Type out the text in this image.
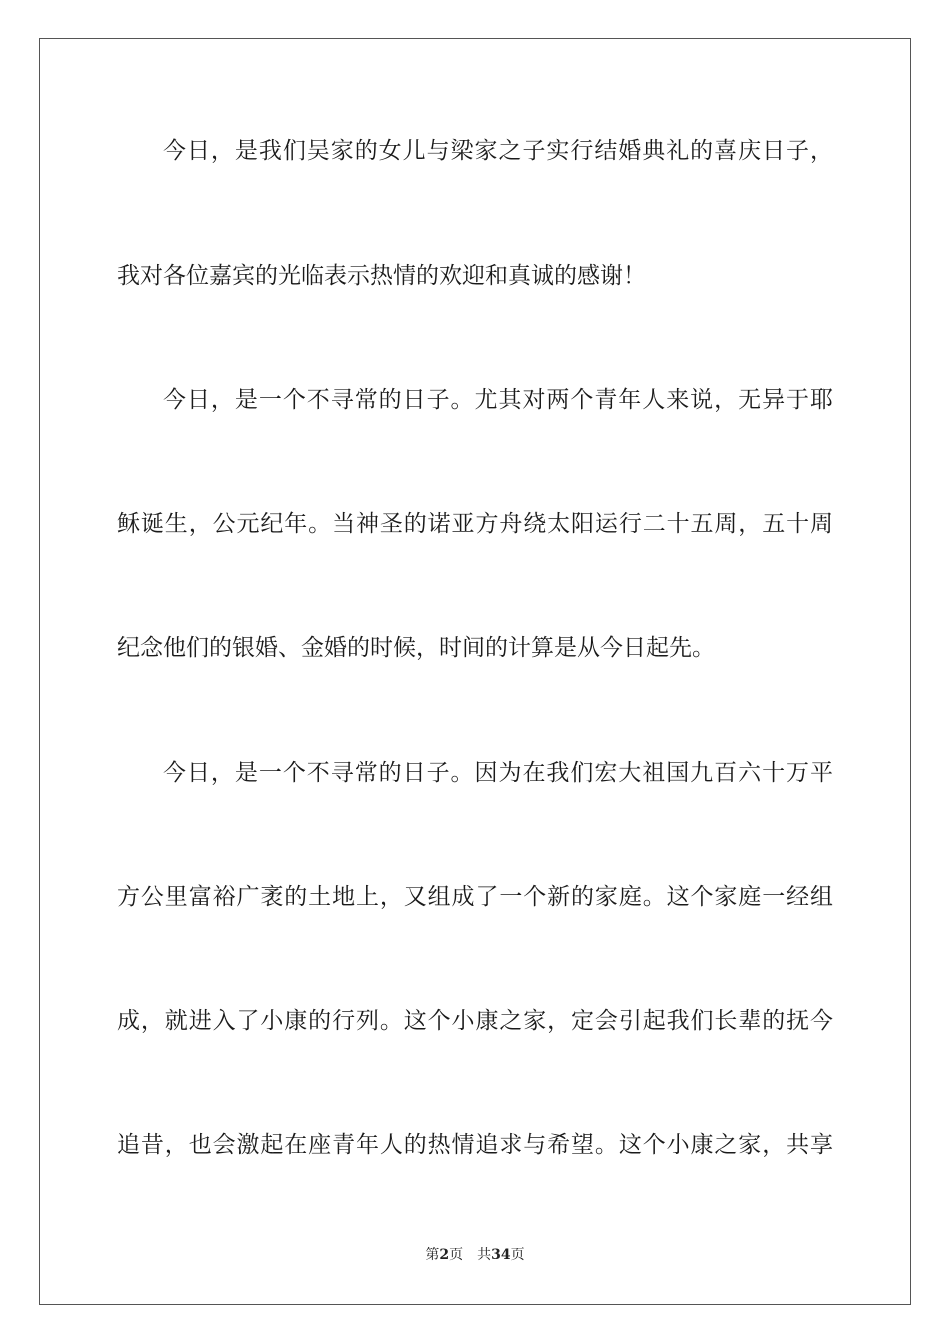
今日，是我们吴家的女儿与梁家之子实行结婚典礼的喜庆日子，
我对各位嘉宾的光临表示热情的欢迎和真诚的感谢！
今日，是一个不寻常的日子。尤其对两个青年人来说，无异于耶
稣诞生，公元纪年。当神圣的诺亚方舟绕太阳运行二十五周，五十周
纪念他们的银婚、金婚的时候，时间的计算是从今日起先。
今日，是一个不寻常的日子。因为在我们宏大祖国九百六十万平
方公里富裕广袤的土地上，又组成了一个新的家庭。这个家庭一经组
成，就进入了小康的行列。这个小康之家，定会引起我们长辈的抚今
追昔，也会激起在座青年人的热情追求与希望。这个小康之家，共享
第2页 共34页
